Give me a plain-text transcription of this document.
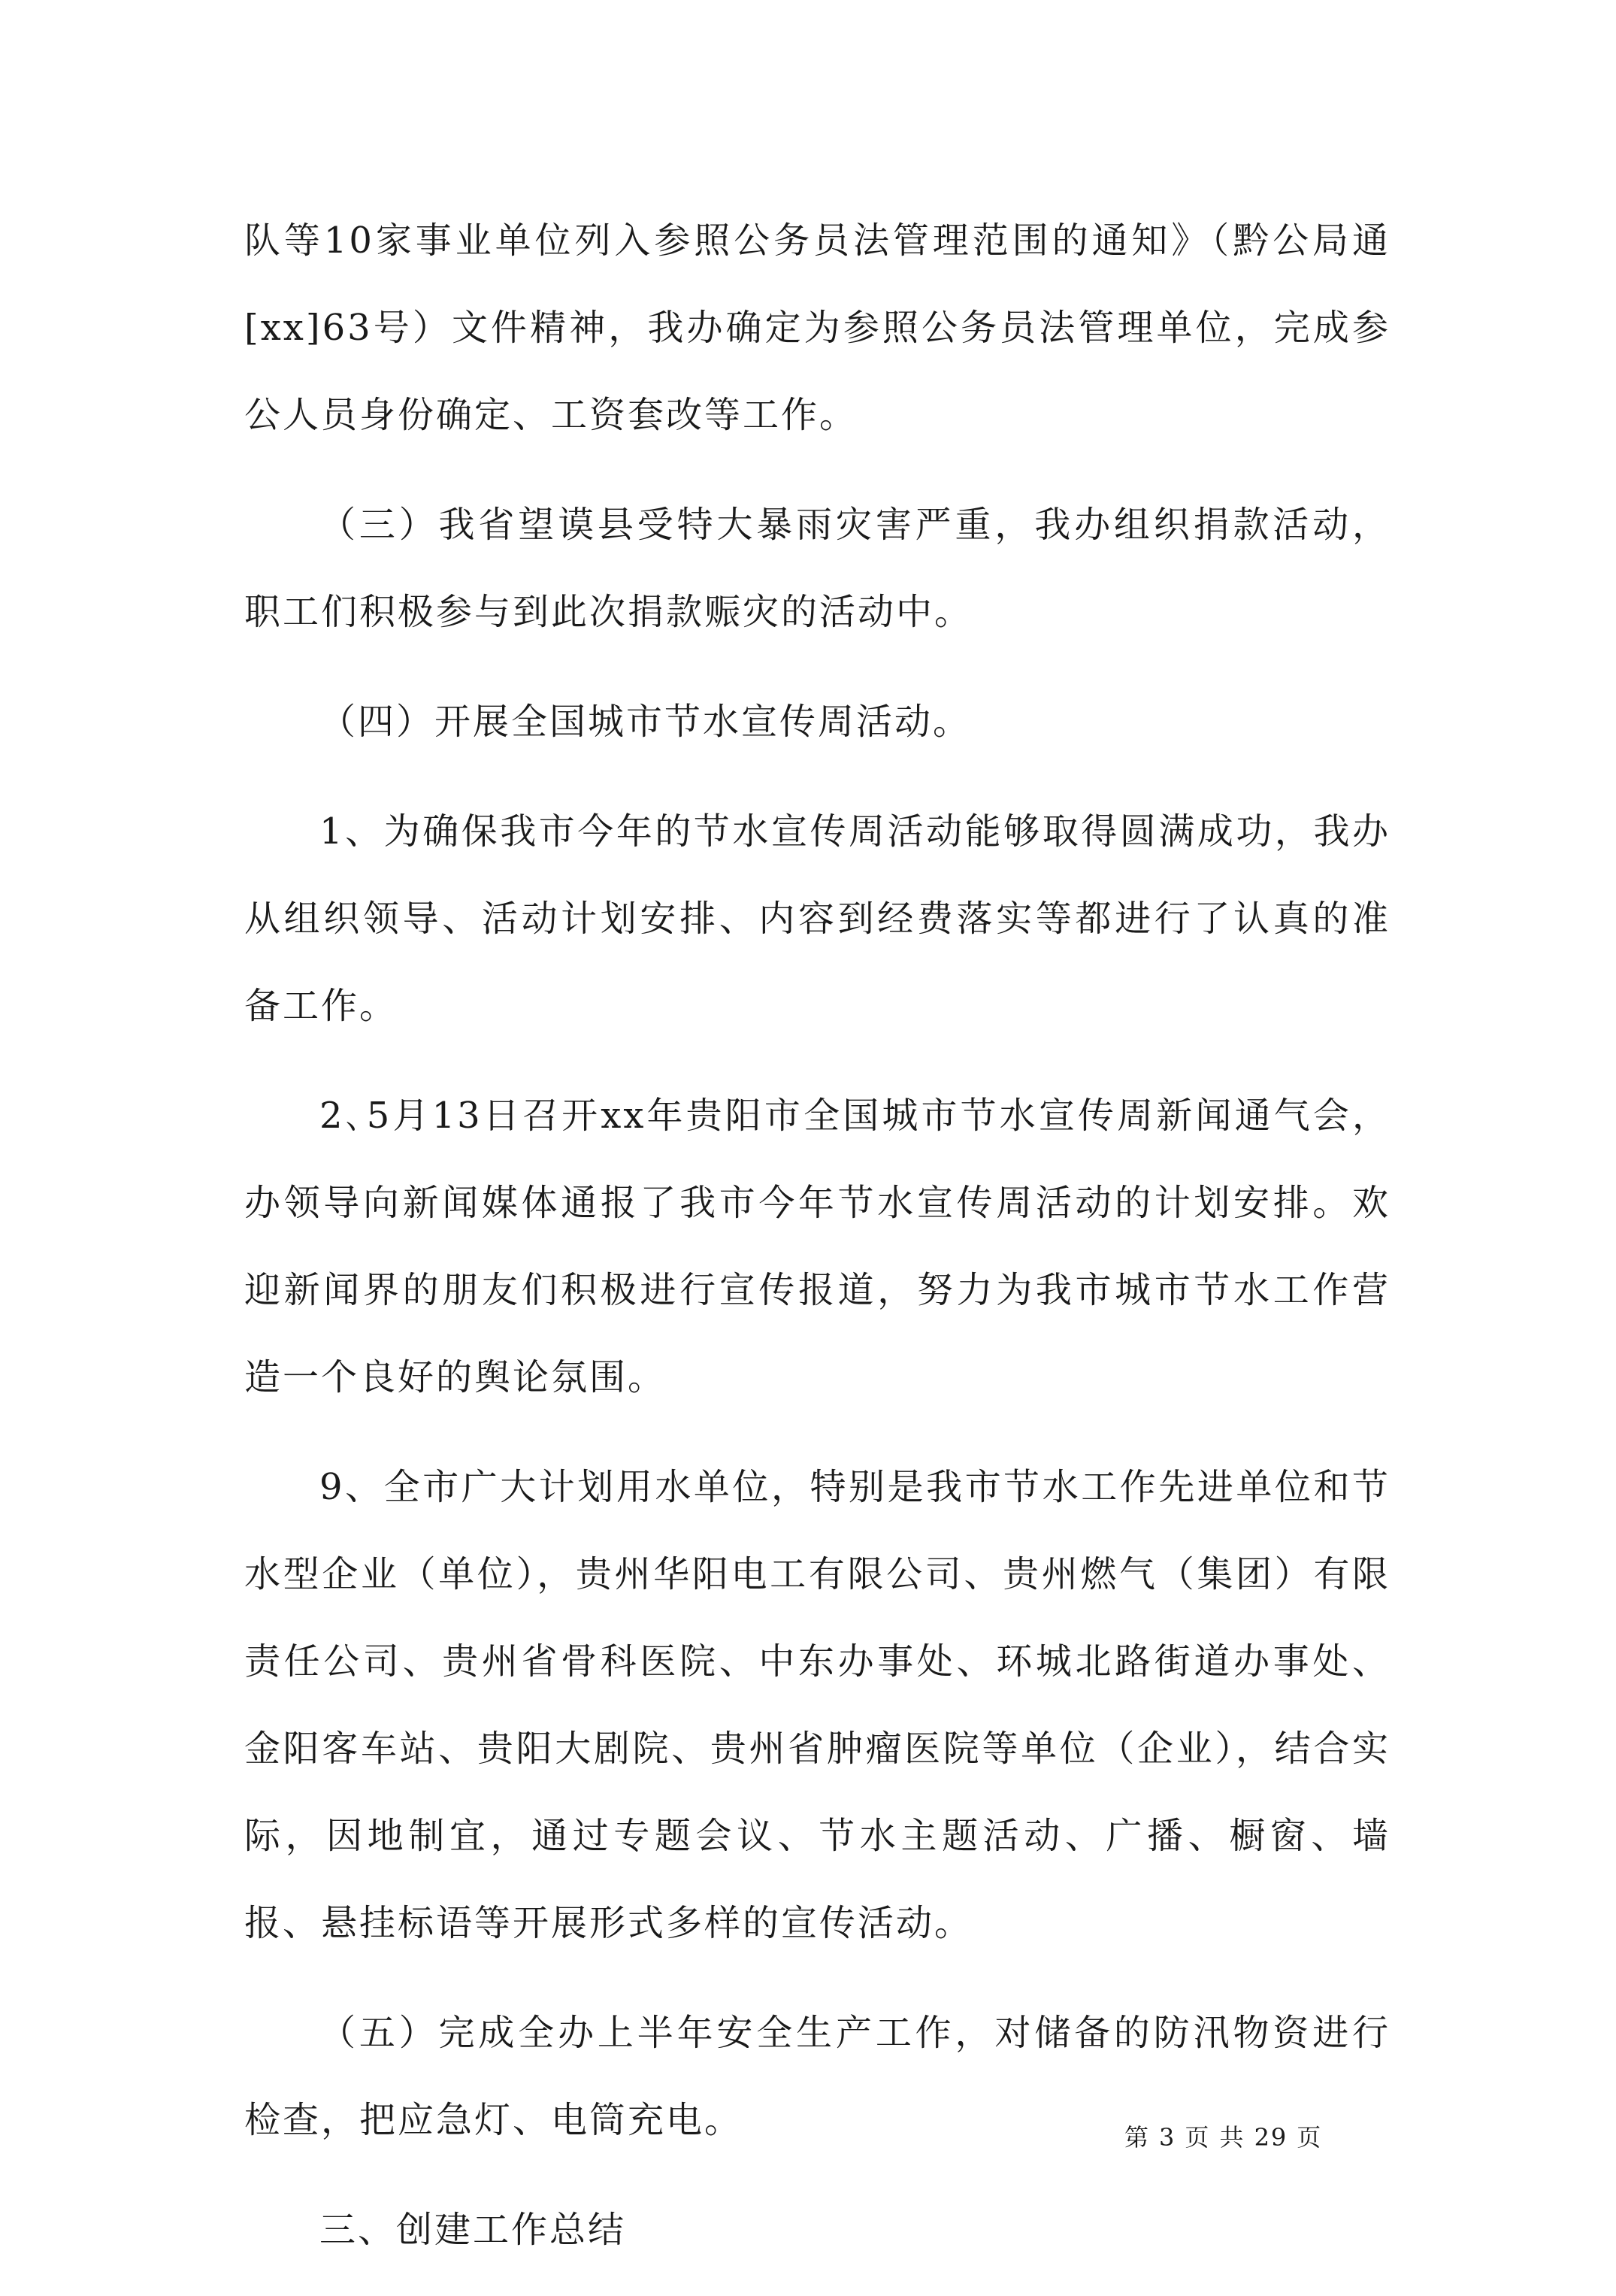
队等10家事业单位列入参照公务员法管理范围的通知》（黔公局通[xx]63号）文件精神，我办确定为参照公务员法管理单位，完成参公人员身份确定、工资套改等工作。

（三）我省望谟县受特大暴雨灾害严重，我办组织捐款活动，职工们积极参与到此次捐款赈灾的活动中。

（四）开展全国城市节水宣传周活动。

1、为确保我市今年的节水宣传周活动能够取得圆满成功，我办从组织领导、活动计划安排、内容到经费落实等都进行了认真的准备工作。

2､5月13日召开xx年贵阳市全国城市节水宣传周新闻通气会，办领导向新闻媒体通报了我市今年节水宣传周活动的计划安排。欢迎新闻界的朋友们积极进行宣传报道，努力为我市城市节水工作营造一个良好的舆论氛围。

9、全市广大计划用水单位，特别是我市节水工作先进单位和节水型企业（单位），贵州华阳电工有限公司、贵州燃气（集团）有限责任公司、贵州省骨科医院、中东办事处、环城北路街道办事处、金阳客车站、贵阳大剧院、贵州省肿瘤医院等单位（企业），结合实际，因地制宜，通过专题会议、节水主题活动、广播、橱窗、墙报、悬挂标语等开展形式多样的宣传活动。

（五）完成全办上半年安全生产工作，对储备的防汛物资进行检查，把应急灯、电筒充电。

三、创建工作总结

第 3 页 共 29 页
